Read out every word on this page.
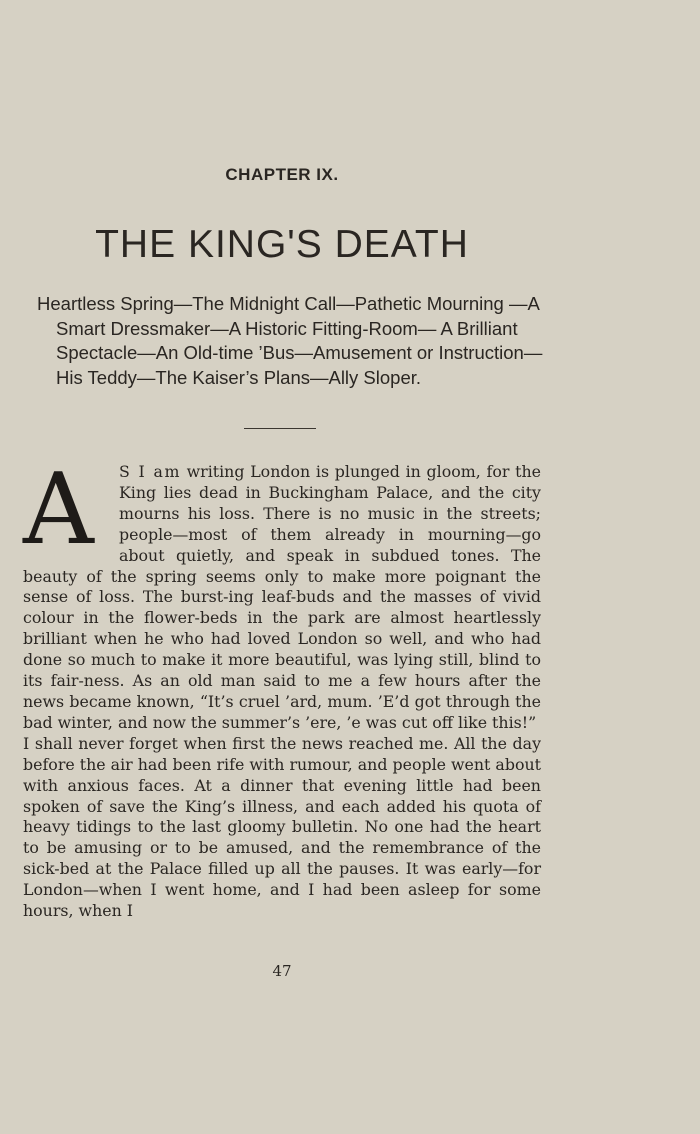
CHAPTER IX.
THE KING'S DEATH
Heartless Spring—The Midnight Call—Pathetic Mourning —A Smart Dressmaker—A Historic Fitting-Room— A Brilliant Spectacle—An Old-time ’Bus—Amusement or Instruction—His Teddy—The Kaiser’s Plans—Ally Sloper.

A	S I am writing London is plunged in gloom, for the King lies dead in Buckingham Palace, and the city mourns his loss. There is no music in the streets; people—most of them already in mourning—go about quietly, and speak in subdued tones. The beauty of the spring seems only to make more poignant the sense of loss. The burst-ing leaf-buds and the masses of vivid colour in the flower-beds in the park are almost heartlessly brilliant when he who had loved London so well, and who had done so much to make it more beautiful, was lying still, blind to its fair-ness. As an old man said to me a few hours after the news became known, “It’s cruel ’ard, mum. ’E’d got through the bad winter, and now the summer’s ’ere, ’e was cut off like this!”

I shall never forget when first the news reached me. All the day before the air had been rife with rumour, and people went about with anxious faces. At a dinner that evening little had been spoken of save the King’s illness, and each added his quota of heavy tidings to the last gloomy bulletin. No one had the heart to be amusing or to be amused, and the remembrance of the sick-bed at the Palace filled up all the pauses. It was early—for London—when I went home, and I had been asleep for some hours, when I

47
